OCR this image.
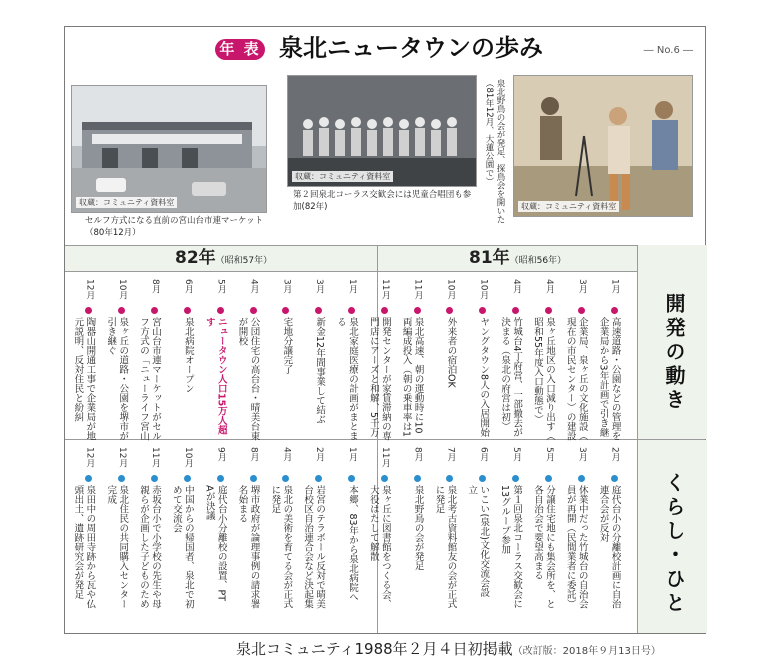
年 表 泉北ニュータウンの歩み	― No.6 ―
収蔵：コミュニティ資料室
セルフ方式になる直前の宮山台市連マーケット（80年12月）
収蔵：コミュニティ資料室
第２回泉北コーラス交歓会には児童合唱団も参加(82年)	泉北野鳥の会が発足、探鳥会を開いた（81年12月、大蓮公園で）
収蔵：コミュニティ資料室
82年（昭和57年）	81年（昭和56年）
開発の動き
くらし・ひと
1月
高速道路・公園などの管理を
企業局から3年計画で引き継
3月
企業局、泉ヶ丘の文化施設（
現在の市民センター）の建設
4月
泉ヶ丘地区の入口減り出す（
昭和55年度入口動態で）
4月
竹城台4丁府営、一部撤去が
決まる（泉北の府営は初）
10月
ヤングタウン8人の入居開始
10月
外来者の宿泊OK
11月
泉北高速、朝の運動時に10
両編成投入（朝の乗車率は1
11月
開発センターが家賃滞納の専
門店にアーズと和解、5千万
1月
泉北家庭医療の計画がまとま
る
3月
新金12年間事業して結ぶ
3月
宅地分譲完了
4月
公団住宅の高台台・晴美台東
が開校
5月
ニュータウン人口15万人超
す
6月
泉北病院オープン
8月
宮山台市連マーケットがセル
フ方式の「ニューライフ宮山
10月
泉ヶ丘の道路・公園を堺市が
引き継ぐ
12月
陶器山開通工事で企業局が地
元説明、反対住民と紛糾
2月
庭代台小の分離校計画に自治
連合会が反対
3月
休業中だった竹城台の自治会
員が再開（民間業者に委託）
5月
分譲住宅地にも集会所を、と
各自治会で要望高まる
5月
第１回泉北コーラス交歓会に
13グループ参加
6月
いこい(泉北)文化交流会設
立
7月
泉北考古資料館友の会が正式
に発足
8月
泉北野鳥の会が発足
11月
泉ヶ丘に図書館をつくる会、
大役はたして解散
1月
本郷、83年から泉北病院へ
2月
岩宮のテラボール反対で晴美
台校区自治連合会など決起集
4月
泉北の美術を育てる会が正式
に発足
8月
堺市政府が論理事例の請求署
名始まる
9月
庭代台小分離校の設置、PT
Aが決議
10月
中国からの帰国者、泉北で初
めて交流会
11月
赤坂台小で小学校の先生や母
親らが企画した子どものため
12月
泉北住民の共同購入センター
完成
12月
泉田中の周田寺跡から瓦や仏
頭出土、遺跡研究会が発足
泉北コミュニティ1988年２月４日初掲載（改訂版：2018年９月13日号）
